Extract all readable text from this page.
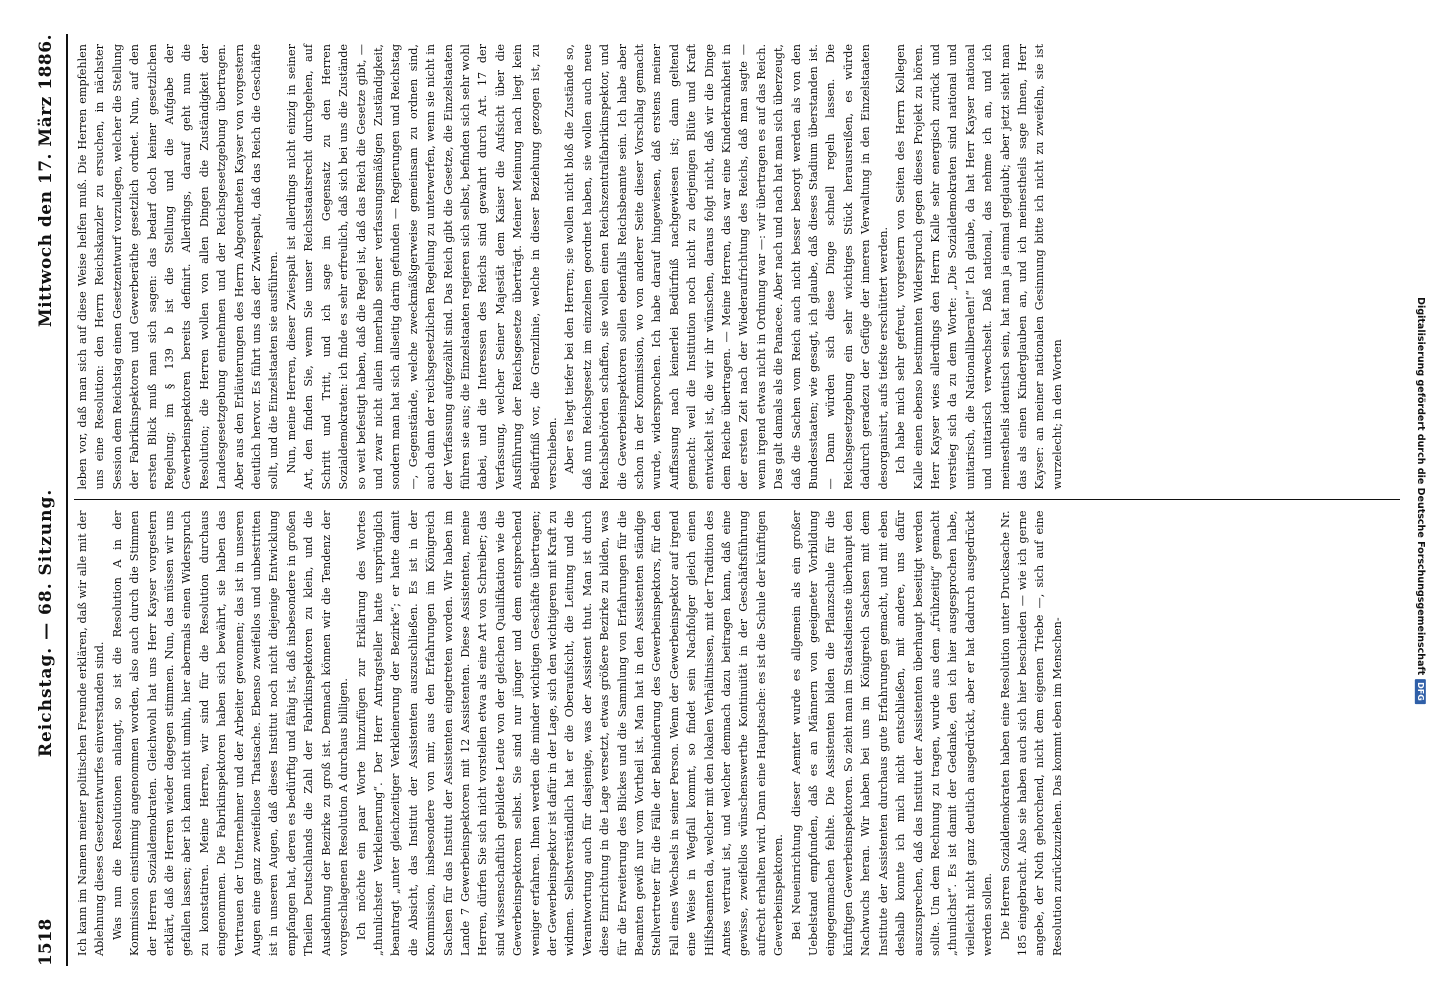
1518
Reichstag. — 68. Sitzung.
Mittwoch den 17. März 1886.

Ich kann im Namen meiner politischen Freunde erklären, daß wir alle mit der Ablehnung dieses Gesetzentwurfes einverstanden sind. Was nun die Resolutionen anlangt, so ist die Resolution A in der Kommission einstimmig angenommen worden, also auch durch die Stimmen der Herren Sozialdemokraten. Gleichwohl hat uns Herr Kayser vorgestern erklärt, daß die Herren wieder dagegen stimmen. Nun, das müssen wir uns gefallen lassen; aber ich kann nicht umhin, hier abermals einen Widerspruch zu konstatiren. Meine Herren, wir sind für die Resolution durchaus eingenommen. Die Fabrikinspektoren haben sich bewährt, sie haben das Vertrauen der Unternehmer und der Arbeiter gewonnen; das ist in unseren Augen eine ganz zweifellose Thatsache. Ebenso zweifellos und unbestritten ist in unseren Augen, daß dieses Institut noch nicht diejenige Entwicklung empfangen hat, deren es bedürftig und fähig ist, daß insbesondere in großen Theilen Deutschlands die Zahl der Fabrikinspektoren zu klein, und die Ausdehnung der Bezirke zu groß ist. Demnach können wir die Tendenz der vorgeschlagenen Resolution A durchaus billigen. Ich möchte ein paar Worte hinzufügen zur Erklärung des Wortes „thunlichster Verkleinerung“. Der Herr Antragsteller hatte ursprünglich beantragt „unter gleichzeitiger Verkleinerung der Bezirke“; er hatte damit die Absicht, das Institut der Assistenten auszuschließen. Es ist in der Kommission, insbesondere von mir, aus den Erfahrungen im Königreich Sachsen für das Institut der Assistenten eingetreten worden. Wir haben im Lande 7 Gewerbeinspektoren mit 12 Assistenten. Diese Assistenten, meine Herren, dürfen Sie sich nicht vorstellen etwa als eine Art von Schreiber; das sind wissenschaftlich gebildete Leute von der gleichen Qualifikation wie die Gewerbeinspektoren selbst. Sie sind nur jünger und dem entsprechend weniger erfahren. Ihnen werden die minder wichtigen Geschäfte übertragen; der Gewerbeinspektor ist dafür in der Lage, sich den wichtigeren mit Kraft zu widmen. Selbstverständlich hat er die Oberaufsicht, die Leitung und die Verantwortung auch für dasjenige, was der Assistent thut. Man ist durch diese Einrichtung in die Lage versetzt, etwas größere Bezirke zu bilden, was für die Erweiterung des Blickes und die Sammlung von Erfahrungen für die Beamten gewiß nur vom Vortheil ist. Man hat in den Assistenten ständige Stellvertreter für die Fälle der Behinderung des Gewerbeinspektors, für den Fall eines Wechsels in seiner Person. Wenn der Gewerbeinspektor auf irgend eine Weise in Wegfall kommt, so findet sein Nachfolger gleich einen Hilfsbeamten da, welcher mit den lokalen Verhältnissen, mit der Tradition des Amtes vertraut ist, und welcher demnach dazu beitragen kann, daß eine gewisse, zweifellos wünschenswerthe Kontinuität in der Geschäftsführung aufrecht erhalten wird. Dann eine Hauptsache: es ist die Schule der künftigen Gewerbeinspektoren. Bei Neueinrichtung dieser Aemter wurde es allgemein als ein großer Uebelstand empfunden, daß es an Männern von geeigneter Vorbildung eingegenmachen fehlte. Die Assistenten bilden die Pflanzschule für die künftigen Gewerbeinspektoren. So zieht man im Staatsdienste überhaupt den Nachwuchs heran. Wir haben bei uns im Königreich Sachsen mit dem Institute der Assistenten durchaus gute Erfahrungen gemacht, und mit eben deshalb konnte ich mich nicht entschließen, mit andere, uns dafür auszusprechen, daß das Institut der Assistenten überhaupt beseitigt werden sollte. Um dem Rechnung zu tragen, wurde aus dem „frühzeitig“ gemacht „thunlichst“. Es ist damit der Gedanke, den ich hier ausgesprochen habe, vielleicht nicht ganz deutlich ausgedrückt, aber er hat dadurch ausgedrückt werden sollen. Die Herren Sozialdemokraten haben eine Resolution unter Drucksache Nr. 185 eingebracht. Also sie haben auch sich hier beschieden — wie ich gerne angebe, der Noth gehorchend, nicht dem eigenen Triebe —, sich auf eine Resolution zurückzuziehen. Das kommt eben im Menschen-

leben vor, daß man sich auf diese Weise helfen muß. Die Herren empfehlen uns eine Resolution: den Herrn Reichskanzler zu ersuchen, in nächster Session dem Reichstag einen Gesetzentwurf vorzulegen, welcher die Stellung der Fabrikinspektoren und Gewerberäthe gesetzlich ordnet. Nun, auf den ersten Blick muß man sich sagen: das bedarf doch keiner gesetzlichen Regelung; im § 139 b ist die Stellung und die Aufgabe der Gewerbeinspektoren bereits definirt. Allerdings, darauf geht nun die Resolution; die Herren wollen von allen Dingen die Zuständigkeit der Landesgesetzgebung entnehmen und der Reichsgesetzgebung übertragen. Aber aus den Erläuterungen des Herrn Abgeordneten Kayser von vorgestern deutlich hervor. Es führt uns das der Zwiespalt, daß das Reich die Geschäfte sollt, und die Einzelstaaten sie ausführen. Nun, meine Herren, dieser Zwiespalt ist allerdings nicht einzig in seiner Art, den finden Sie, wenn Sie unser Reichsstaatsrecht durchgehen, auf Schritt und Tritt, und ich sage im Gegensatz zu den Herren Sozialdemokraten: ich finde es sehr erfreulich, daß sich bei uns die Zustände so weit befestigt haben, daß die Regel ist, daß das Reich die Gesetze gibt, — und zwar nicht allein innerhalb seiner verfassungsmäßigen Zuständigkeit, sondern man hat sich allseitig darin gefunden — Regierungen und Reichstag —, Gegenstände, welche zweckmäßigerweise gemeinsam zu ordnen sind, auch dann der reichsgesetzlichen Regelung zu unterwerfen, wenn sie nicht in der Verfassung aufgezählt sind. Das Reich gibt die Gesetze, die Einzelstaaten führen sie aus; die Einzelstaaten regieren sich selbst, befinden sich sehr wohl dabei, und die Interessen des Reichs sind gewahrt durch Art. 17 der Verfassung, welcher Seiner Majestät dem Kaiser die Aufsicht über die Ausführung der Reichsgesetze überträgt. Meiner Meinung nach liegt kein Bedürfniß vor, die Grenzlinie, welche in dieser Beziehung gezogen ist, zu verschieben. Aber es liegt tiefer bei den Herren; sie wollen nicht bloß die Zustände so, daß nun Reichsgesetz im einzelnen geordnet haben, sie wollen auch neue Reichsbehörden schaffen, sie wollen einen Reichszentralfabrikinspektor, und die Gewerbeinspektoren sollen ebenfalls Reichsbeamte sein. Ich habe aber schon in der Kommission, wo von anderer Seite dieser Vorschlag gemacht wurde, widersprochen. Ich habe darauf hingewiesen, daß erstens meiner Auffassung nach keinerlei Bedürfniß nachgewiesen ist; dann geltend gemacht: weil die Institution noch nicht zu derjenigen Blüte und Kraft entwickelt ist, die wir ihr wünschen, daraus folgt nicht, daß wir die Dinge dem Reiche übertragen. — Meine Herren, das war eine Kinderkrankheit in der ersten Zeit nach der Wiederaufrichtung des Reichs, daß man sagte — wenn irgend etwas nicht in Ordnung war —: wir übertragen es auf das Reich. Das galt damals als die Panacee. Aber nach und nach hat man sich überzeugt, daß die Sachen vom Reich auch nicht besser besorgt werden als von den Bundesstaaten; wie gesagt, ich glaube, daß dieses Stadium überstanden ist. — Dann würden sich diese Dinge schnell regeln lassen. Die Reichsgesetzgebung ein sehr wichtiges Stück herausreißen, es würde dadurch geradezu der Gefüge der inneren Verwaltung in den Einzelstaaten desorganisirt, aufs tiefste erschüttert werden. Ich habe mich sehr gefreut, vorgestern von Seiten des Herrn Kollegen Kalle einen ebenso bestimmten Widerspruch gegen dieses Projekt zu hören. Herr Kayser wies allerdings den Herrn Kalle sehr energisch zurück und verstieg sich da zu dem Worte: „Die Sozialdemokraten sind national und unitarisch, die Nationalliberalen!“ Ich glaube, da hat Herr Kayser national und unitarisch verwechselt. Daß national, das nehme ich an, und ich meinestheils identisch sein, hat man ja einmal geglaubt; aber jetzt sieht man das als einen Kinderglauben an, und ich meinestheils sage Ihnen, Herr Kayser: an meiner nationalen Gesinnung bitte ich nicht zu zweifeln, sie ist wurzelecht; in den Worten	Digitalisierung gefördert durch die Deutsche Forschungsgemeinschaft
DFG
